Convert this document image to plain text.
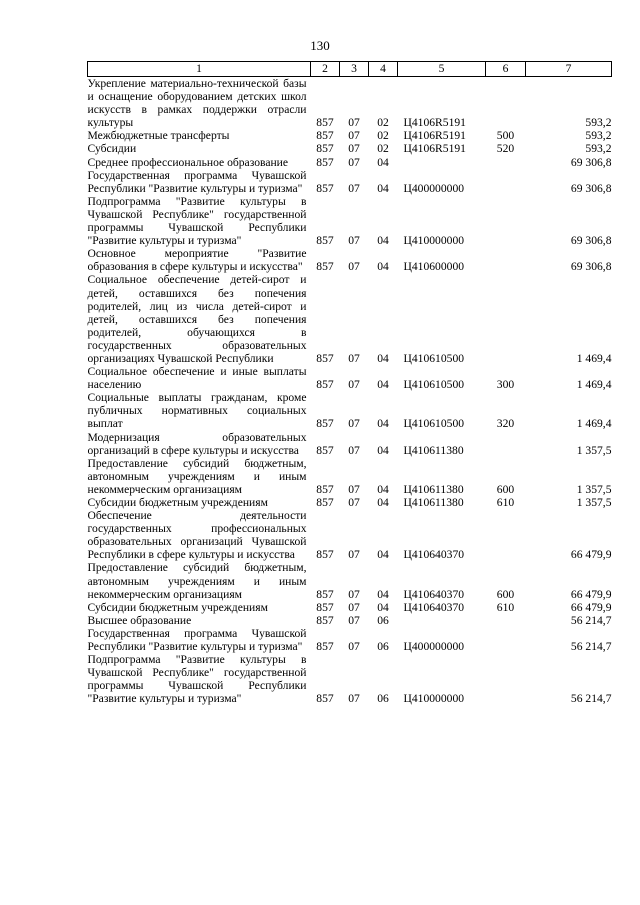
130
1	2	3	4	5	6	7
Укрепление материально-технической базы и оснащение оборудованием детских школ искусств в рамках поддержки отрасли культуры	857	07	02	Ц4106R5191		593,2
Межбюджетные трансферты	857	07	02	Ц4106R5191	500	593,2
Субсидии	857	07	02	Ц4106R5191	520	593,2
Среднее профессиональное образование	857	07	04			69 306,8
Государственная программа Чувашской Республики "Развитие культуры и туризма"	857	07	04	Ц400000000		69 306,8
Подпрограмма "Развитие культуры в Чувашской Республике" государственной программы Чувашской Республики "Развитие культуры и туризма"	857	07	04	Ц410000000		69 306,8
Основное мероприятие "Развитие образования в сфере культуры и искусства"	857	07	04	Ц410600000		69 306,8
Социальное обеспечение детей-сирот и детей, оставшихся без попечения родителей, лиц из числа детей-сирот и детей, оставшихся без попечения родителей, обучающихся в государственных образовательных организациях Чувашской Республики	857	07	04	Ц410610500		1 469,4
Социальное обеспечение и иные выплаты населению	857	07	04	Ц410610500	300	1 469,4
Социальные выплаты гражданам, кроме публичных нормативных социальных выплат	857	07	04	Ц410610500	320	1 469,4
Модернизация образовательных организаций в сфере культуры и искусства	857	07	04	Ц410611380		1 357,5
Предоставление субсидий бюджетным, автономным учреждениям и иным некоммерческим организациям	857	07	04	Ц410611380	600	1 357,5
Субсидии бюджетным учреждениям	857	07	04	Ц410611380	610	1 357,5
Обеспечение деятельности государственных профессиональных образовательных организаций Чувашской Республики в сфере культуры и искусства	857	07	04	Ц410640370		66 479,9
Предоставление субсидий бюджетным, автономным учреждениям и иным некоммерческим организациям	857	07	04	Ц410640370	600	66 479,9
Субсидии бюджетным учреждениям	857	07	04	Ц410640370	610	66 479,9
Высшее образование	857	07	06			56 214,7
Государственная программа Чувашской Республики "Развитие культуры и туризма"	857	07	06	Ц400000000		56 214,7
Подпрограмма "Развитие культуры в Чувашской Республике" государственной программы Чувашской Республики "Развитие культуры и туризма"	857	07	06	Ц410000000		56 214,7
